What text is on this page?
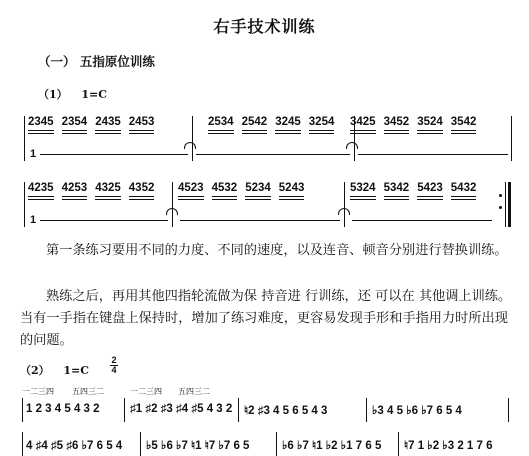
右手技术训练
（一） 五指原位训练
（1） 1=C
2345 2354 2435 2453	2534 2542 3245 3254 3425 3452 3524 3542
1
4235 4253 4325 4352 4523 4532 5234 5243	5324 5342 5423 5432
1
第一条练习要用不同的力度、不同的速度，以及连音、顿音分别进行替换训练。
熟练之后，再用其他四指轮流做为保 持音进 行训练，还 可以在 其他调上训练。当有一手指在键盘上保持时，增加了练习难度，更容易发现手形和手指用力时所出现的问题。
（2） 1=C
2
4
一二三四 五四三二	一二三四 五四三二
1 2 3 4 5 4 3 2	♯1 ♯2 ♯3 ♯4 ♯5 4 3 2 ♮2 ♯3 4 5 6 5 4 3	♭3 4 5 ♭6 ♭7 6 5 4
4 ♯4 ♯5 ♯6 ♭7 6 5 4 ♭5 ♭6 ♭7 ♮1 ♮7 ♭7 6 5	♭6 ♭7 ♮1 ♭2 ♭1 7 6 5 ♮7 1 ♭2 ♭3 2 1 7 6
